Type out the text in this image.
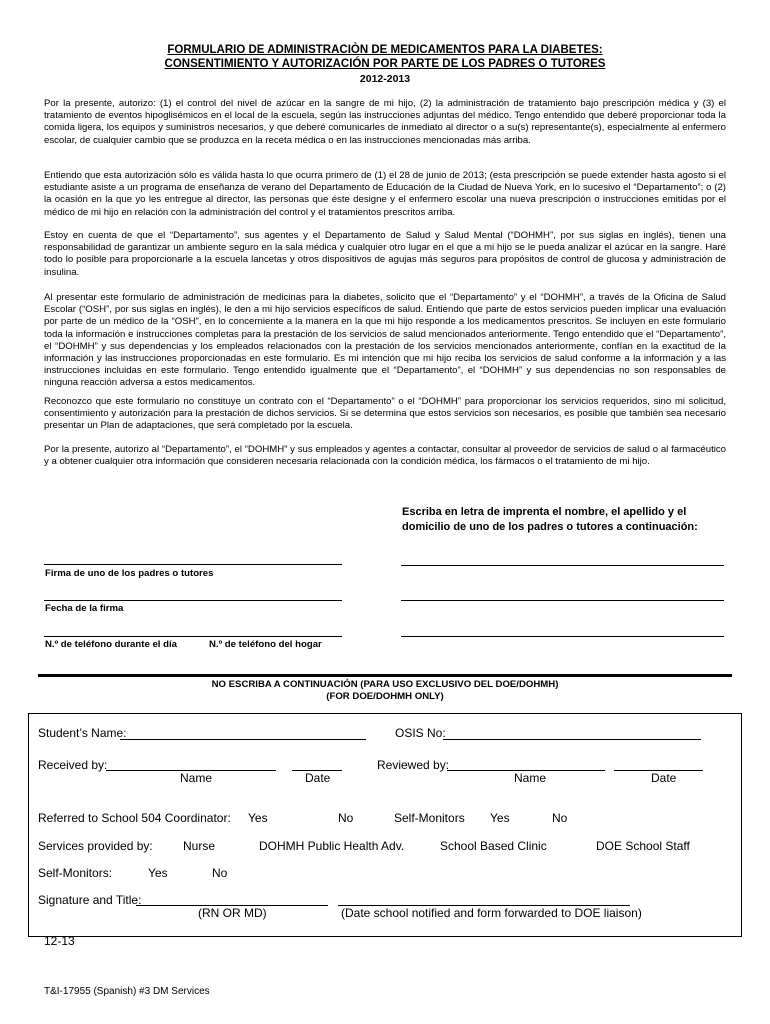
FORMULARIO DE ADMINISTRACIÒN DE MEDICAMENTOS PARA LA DIABETES:
CONSENTIMIENTO Y AUTORIZACIÓN POR PARTE DE LOS PADRES O TUTORES
2012-2013

Por la presente, autorizo: (1) el control del nivel de azúcar en la sangre de mi hijo, (2) la administración de tratamiento bajo prescripción médica y (3) el tratamiento de eventos hipoglisémicos en el local de la escuela, según las instrucciones adjuntas del médico. Tengo entendido que deberé proporcionar toda la comida ligera, los equipos y suministros necesarios, y que deberé comunicarles de inmediato al director o a su(s) representante(s), especialmente al enfermero escolar, de cualquier cambio que se produzca en la receta médica o en las instrucciones mencionadas más arriba.

Entiendo que esta autorización sólo es válida hasta lo que ocurra primero de (1) el 28 de junio de 2013; (esta prescripción se puede extender hasta agosto si el estudiante asiste a un programa de enseñanza de verano del Departamento de Educación de la Ciudad de Nueva York, en lo sucesivo el “Departamento”; o (2) la ocasión en la que yo les entregue al director, las personas que éste designe y el enfermero escolar una nueva prescripción o instrucciones emitidas por el médico de mi hijo en relación con la administración del control y el tratamientos prescritos arriba.

Estoy en cuenta de que el “Departamento”, sus agentes y el Departamento de Salud y Salud Mental (“DOHMH”, por sus siglas en inglés), tienen una responsabilidad de garantizar un ambiente seguro en la sala médica y cualquier otro lugar en el que a mi hijo se le pueda analizar el azúcar en la sangre. Haré todo lo posible para proporcionarle a la escuela lancetas y otros dispositivos de agujas más seguros para propósitos de control de glucosa y administración de insulina.

Al presentar este formulario de administración de medicinas para la diabetes, solicito que el “Departamento” y el “DOHMH”, a través de la Oficina de Salud Escolar (“OSH”, por sus siglas en inglés), le den a mi hijo servicios específicos de salud. Entiendo que parte de estos servicios pueden implicar una evaluación por parte de un médico de la “OSH”, en lo concerniente a la manera en la que mi hijo responde a los medicamentos prescritos. Se incluyen en este formulario toda la información e instrucciones completas para la prestación de los servicios de salud mencionados anteriormente. Tengo entendido que el “Departamento”, el “DOHMH” y sus dependencias y los empleados relacionados con la prestación de los servicios mencionados anteriormente, confían en la exactitud de la información y las instrucciones proporcionadas en este formulario. Es mi intención que mi hijo reciba los servicios de salud conforme a la información y a las instrucciones incluidas en este formulario. Tengo entendido igualmente que el “Departamento”, el “DOHMH” y sus dependencias no son responsables de ninguna reacción adversa a estos medicamentos.

Reconozco que este formulario no constituye un contrato con el “Departamento” o el “DOHMH” para proporcionar los servicios requeridos, sino mi solicitud, consentimiento y autorización para la prestación de dichos servicios. Si se determina que estos servicios son necesarios, es posible que también sea necesario presentar un Plan de adaptaciones, que será completado por la escuela.

Por la presente, autorizo al “Departamento”, el “DOHMH” y sus empleados y agentes a contactar, consultar al proveedor de servicios de salud o al farmacéutico y a obtener cualquier otra información que consideren necesaria relacionada con la condición médica, los fármacos o el tratamiento de mi hijo.

Escriba en letra de imprenta el nombre, el apellido y el domicilio de uno de los padres o tutores a continuación:
Firma de uno de los padres o tutores
Fecha de la firma
N.º de teléfono durante el día	N.º de teléfono del hogar
NO ESCRIBA A CONTINUACIÓN (PARA USO EXCLUSIVO DEL DOE/DOHMH)
(FOR DOE/DOHMH ONLY)
Student’s Name:	OSIS No:
Received by:
Name	Date
Reviewed by:
Name	Date
Referred to School 504 Coordinator: Yes	No	Self-Monitors Yes	No
Services provided by:	Nurse	DOHMH Public Health Adv.	School Based Clinic	DOE School Staff
Self-Monitors:	Yes	No
Signature and Title:
(RN OR MD)	(Date school notified and form forwarded to DOE liaison)
12-13
T&I-17955 (Spanish) #3 DM Services
